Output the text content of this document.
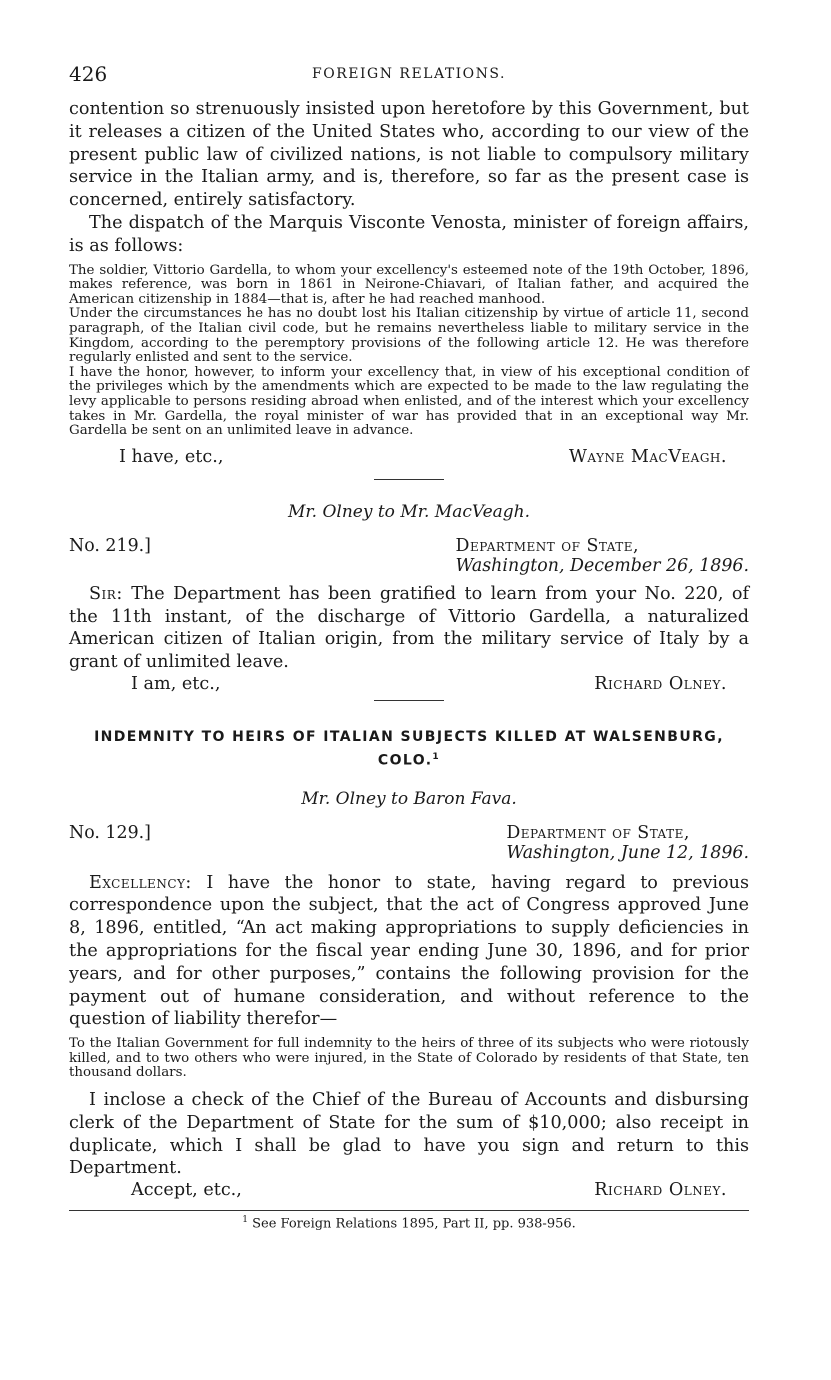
426	FOREIGN RELATIONS.

contention so strenuously insisted upon heretofore by this Government, but it releases a citizen of the United States who, according to our view of the present public law of civilized nations, is not liable to compulsory military service in the Italian army, and is, therefore, so far as the present case is concerned, entirely satisfactory.

The dispatch of the Marquis Visconte Venosta, minister of foreign affairs, is as follows:

The soldier, Vittorio Gardella, to whom your excellency's esteemed note of the 19th October, 1896, makes reference, was born in 1861 in Neirone-Chiavari, of Italian father, and acquired the American citizenship in 1884—that is, after he had reached manhood.

Under the circumstances he has no doubt lost his Italian citizenship by virtue of article 11, second paragraph, of the Italian civil code, but he remains nevertheless liable to military service in the Kingdom, according to the peremptory provisions of the following article 12. He was therefore regularly enlisted and sent to the service.

I have the honor, however, to inform your excellency that, in view of his exceptional condition of the privileges which by the amendments which are expected to be made to the law regulating the levy applicable to persons residing abroad when enlisted, and of the interest which your excellency takes in Mr. Gardella, the royal minister of war has provided that in an exceptional way Mr. Gardella be sent on an unlimited leave in advance.

I have, etc.,	Wayne MacVeagh.

Mr. Olney to Mr. MacVeagh.

No. 219.]	Department of State,
Washington, December 26, 1896.

Sir: The Department has been gratified to learn from your No. 220, of the 11th instant, of the discharge of Vittorio Gardella, a naturalized American citizen of Italian origin, from the military service of Italy by a grant of unlimited leave.

I am, etc.,	Richard Olney.

INDEMNITY TO HEIRS OF ITALIAN SUBJECTS KILLED AT WALSENBURG, COLO.$^1$

Mr. Olney to Baron Fava.

No. 129.]	Department of State,
Washington, June 12, 1896.

Excellency: I have the honor to state, having regard to previous correspondence upon the subject, that the act of Congress approved June 8, 1896, entitled, “An act making appropriations to supply deficiencies in the appropriations for the fiscal year ending June 30, 1896, and for prior years, and for other purposes,” contains the following provision for the payment out of humane consideration, and without reference to the question of liability therefor—

To the Italian Government for full indemnity to the heirs of three of its subjects who were riotously killed, and to two others who were injured, in the State of Colorado by residents of that State, ten thousand dollars.

I inclose a check of the Chief of the Bureau of Accounts and disbursing clerk of the Department of State for the sum of $10,000; also receipt in duplicate, which I shall be glad to have you sign and return to this Department.

Accept, etc.,	Richard Olney.

$^1$ See Foreign Relations 1895, Part II, pp. 938-956.
